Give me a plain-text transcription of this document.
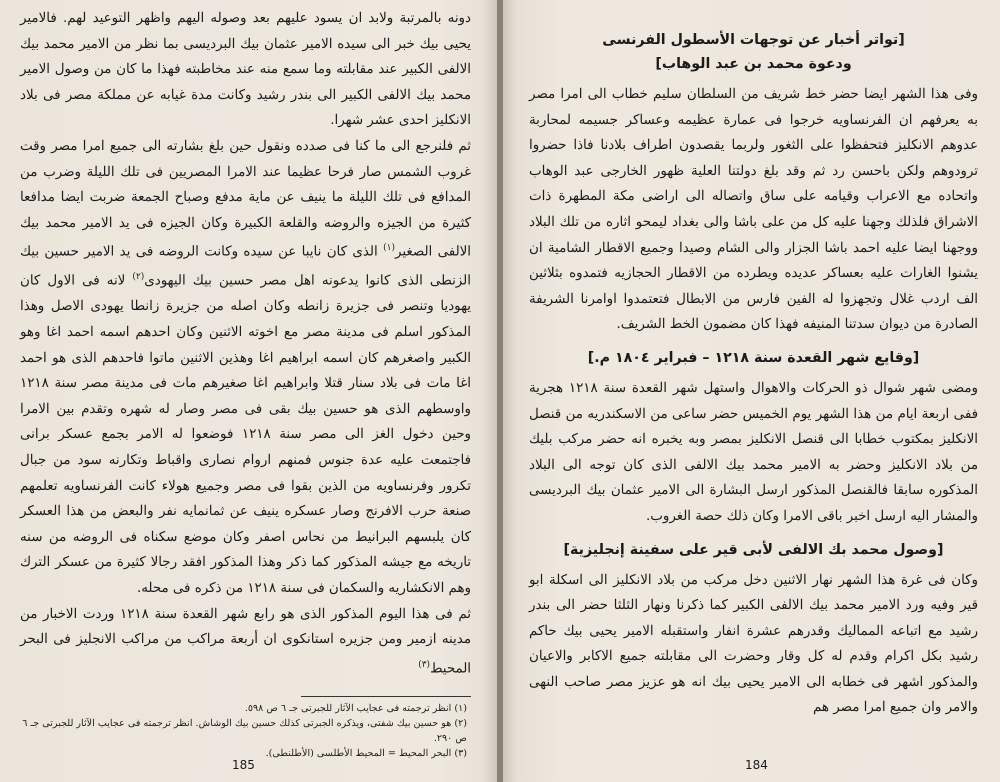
دونه بالمرتبة ولابد ان يسود عليهم بعد وصوله اليهم واظهر التوعيد لهم. فالامير يحيى بيك خبر الى سيده الامير عثمان بيك البرديسى بما نظر من الامير محمد بيك الالفى الكبير عند مقابلته وما سمع منه عند مخاطبته فهذا ما كان من وصول الامير محمد بيك الالفى الكبير الى بندر رشيد وكانت مدة غيابه عن مملكة مصر فى بلاد الانكليز احدى عشر شهرا.

ثم فلنرجع الى ما كنا فى صدده ونقول حين بلغ بشارته الى جميع امرا مصر وقت غروب الشمس صار فرحا عظيما عند الامرا المصريين فى تلك الليلة وضرب من المدافع فى تلك الليلة ما ينيف عن ماية مدفع وصباح الجمعة ضربت ايضا مدافعا كثيرة من الجيزه والروضه والقلعة الكبيرة وكان الجيزه فى يد الامير محمد بيك الالفى الصغير$^{(١)}$ الذى كان نايبا عن سيده وكانت الروضه فى يد الامير حسين بيك الزنطى الذى كانوا يدعونه اهل مصر حسين بيك اليهودى$^{(٢)}$ لانه فى الاول كان يهوديا وتنصر فى جزيرة زانطه وكان اصله من جزيرة زانطا يهودى الاصل وهذا المذكور اسلم فى مدينة مصر مع اخوته الاثنين وكان احدهم اسمه احمد اغا وهو الكبير واصغرهم كان اسمه ابراهيم اغا وهذين الاثنين ماتوا فاحدهم الذى هو احمد اغا مات فى بلاد سنار قتلا وابراهيم اغا صغيرهم مات فى مدينة مصر سنة ١٢١٨ واوسطهم الذى هو حسين بيك بقى فى مصر وصار له شهره وتقدم بين الامرا وحين دخول الغز الى مصر سنة ١٢١٨ فوضعوا له الامر بجمع عسكر برانى فاجتمعت عليه عدة جنوس فمنهم اروام نصارى واقباط وتكارنه سود من جبال تكرور وفرنساويه من الذين بقوا فى مصر وجميع هولاء كانت الفرنساويه تعلمهم صنعة حرب الافرنج وصار عسكره ينيف عن ثمانمايه نفر والبعض من هذا العسكر كان يلبسهم البرانيط من نحاس اصفر وكان موضع سكناه فى الروضه من سنه تاريخه مع جيشه المذكور كما ذكر وهذا المذكور افقد رجالا كثيرة من عسكر الترك وهم الانكشاريه والسكمان فى سنة ١٢١٨ من ذكره فى محله.

ثم فى هذا اليوم المذكور الذى هو رابع شهر القعدة سنة ١٢١٨ وردت الاخبار من مدينه ازمير ومن جزيره استانكوى ان أربعة مراكب من مراكب الانجليز فى البحر المحيط$^{(٣)}$

(١) انظر ترجمته فى عجايب الآثار للجبرتى جـ ٦ ص ٥٩٨.

(٢) هو حسين بيك شفتى، ويذكره الجبرتى كذلك حسين بيك الوشاش. انظر ترجمته فى عجايب الآثار للجبرتى جـ ٦ ص ٢٩٠.

(٣) البحر المحيط = المحيط الأطلسى (الأطلنطى).

185

[تواتر أخبار عن توجهات الأسطول الفرنسى

ودعوة محمد بن عبد الوهاب]

وفى هذا الشهر ايضا حضر خط شريف من السلطان سليم خطاب الى امرا مصر به يعرفهم ان الفرنساويه خرجوا فى عمارة عظيمه وعساكر جسيمه لمحاربة عدوهم الانكليز فتحفظوا على الثغور ولربما يقصدون اطراف بلادنا فاذا حضروا ترودوهم ولكن باحسن رد ثم وقد بلغ دولتنا العلية ظهور الخارجى عبد الوهاب واتحاده مع الاعراب وقيامه على ساق واتصاله الى اراضى مكة المطهرة ذات الاشراق فلذلك وجهنا عليه كل من على باشا والى بغداد ليمحو اثاره من تلك البلاد ووجهنا ايضا عليه احمد باشا الجزار والى الشام وصيدا وجميع الاقطار الشامية ان يشنوا الغارات عليه بعساكر عديده ويطرده من الاقطار الحجازيه فتمدوه بثلاثين الف اردب غلال وتجهزوا له الفين فارس من الابطال فتعتمدوا اوامرنا الشريفة الصادرة من ديوان سدتنا المنيفه فهذا كان مضمون الخط الشريف.

[وقايع شهر القعدة سنة ١٢١٨ – فبراير ١٨٠٤ م.]

ومضى شهر شوال ذو الحركات والاهوال واستهل شهر القعدة سنة ١٢١٨ هجرية ففى اربعة ايام من هذا الشهر يوم الخميس حضر ساعى من الاسكندريه من قنصل الانكليز بمكتوب خطابا الى قنصل الانكليز بمصر وبه يخبره انه حضر مركب بليك من بلاد الانكليز وحضر به الامير محمد بيك الالفى الذى كان توجه الى البلاد المذكوره سابقا فالقنصل المذكور ارسل البشارة الى الامير عثمان بيك البرديسى والمشار اليه ارسل اخبر باقى الامرا وكان ذلك حصة الغروب.

[وصول محمد بك الالفى لأبى قير على سفينة إنجليزية]

وكان فى غرة هذا الشهر نهار الاثنين دخل مركب من بلاد الانكليز الى اسكلة ابو قير وفيه ورد الامير محمد بيك الالفى الكبير كما ذكرنا ونهار الثلثا حضر الى بندر رشيد مع اتباعه المماليك وقدرهم عشرة انفار واستقبله الامير يحيى بيك حاكم رشيد بكل اكرام وقدم له كل وقار وحضرت الى مقابلته جميع الاكابر والاعيان والمذكور اشهر فى خطابه الى الامير يحيى بيك انه هو عزيز مصر صاحب النهى والامر وان جميع امرا مصر هم

184
